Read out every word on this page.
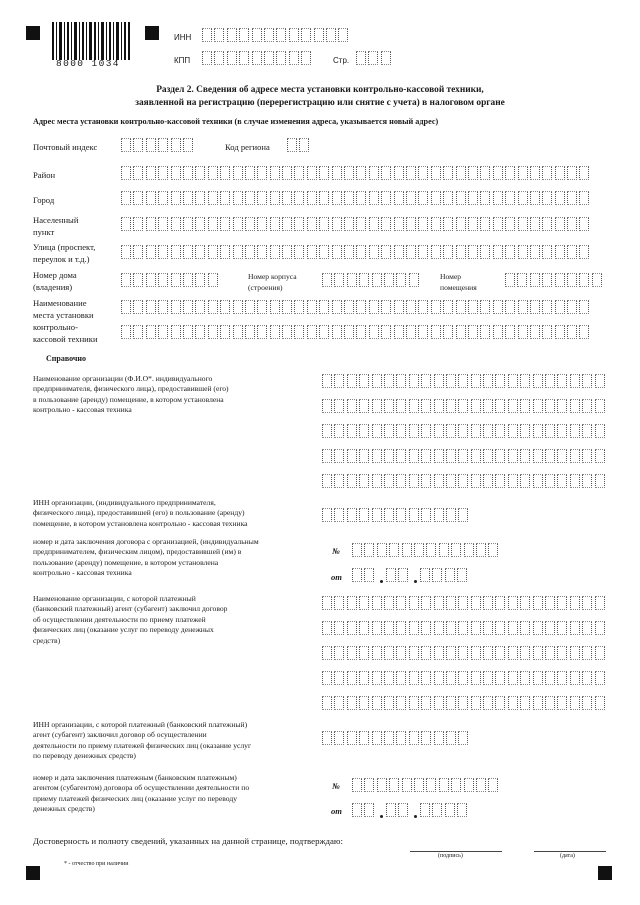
8000 1034
ИНН
КПП	Стр.
Раздел 2. Сведения об адресе места установки контрольно-кассовой техники,
заявленной на регистрацию (перерегистрацию или снятие с учета) в налоговом органе
Адрес места установки контрольно-кассовой техники (в случае изменения адреса, указывается новый адрес)
Почтовый индекс	Код региона
Район
Город
Населенный
пункт
Улица (проспект,
переулок и т.д.)
Номер дома
(владения)
Номер корпуса
(строения)
Номер
помещения
Наименование
места установки
контрольно-
кассовой техники
Справочно
Наименование организации (Ф.И.О*. индивидуального
предпринимателя, физического лица), предоставившей (его)
в пользование (аренду) помещение, в котором установлена
контрольно - кассовая техника
ИНН организации, (индивидуального предпринимателя,
физического лица), предоставившей (его) в пользование (аренду)
помещение, в котором установлена контрольно - кассовая техника
номер и дата заключения договора с организацией, (индивидуальным
предпринимателем, физическим лицом), предоставившей (им) в
пользование (аренду) помещение, в котором установлена
контрольно - кассовая техника
№
от
Наименование организации, с которой платежный
(банковский платежный) агент (субагент) заключил договор
об осуществлении деятельности по приему платежей
физических лиц (оказание услуг по переводу денежных
средств)
ИНН организации, с которой платежный (банковский платежный)
агент (субагент) заключил договор об осуществлении
деятельности по приему платежей физических лиц (оказание услуг
по переводу денежных средств)
номер и дата заключения платежным (банковским платежным)
агентом (субагентом) договора об осуществлении деятельности по
приему платежей физических лиц (оказание услуг по переводу
денежных средств)
№
от
Достоверность и полноту сведений, указанных на данной странице, подтверждаю:
(подпись)	(дата)
* - отчество при наличии
